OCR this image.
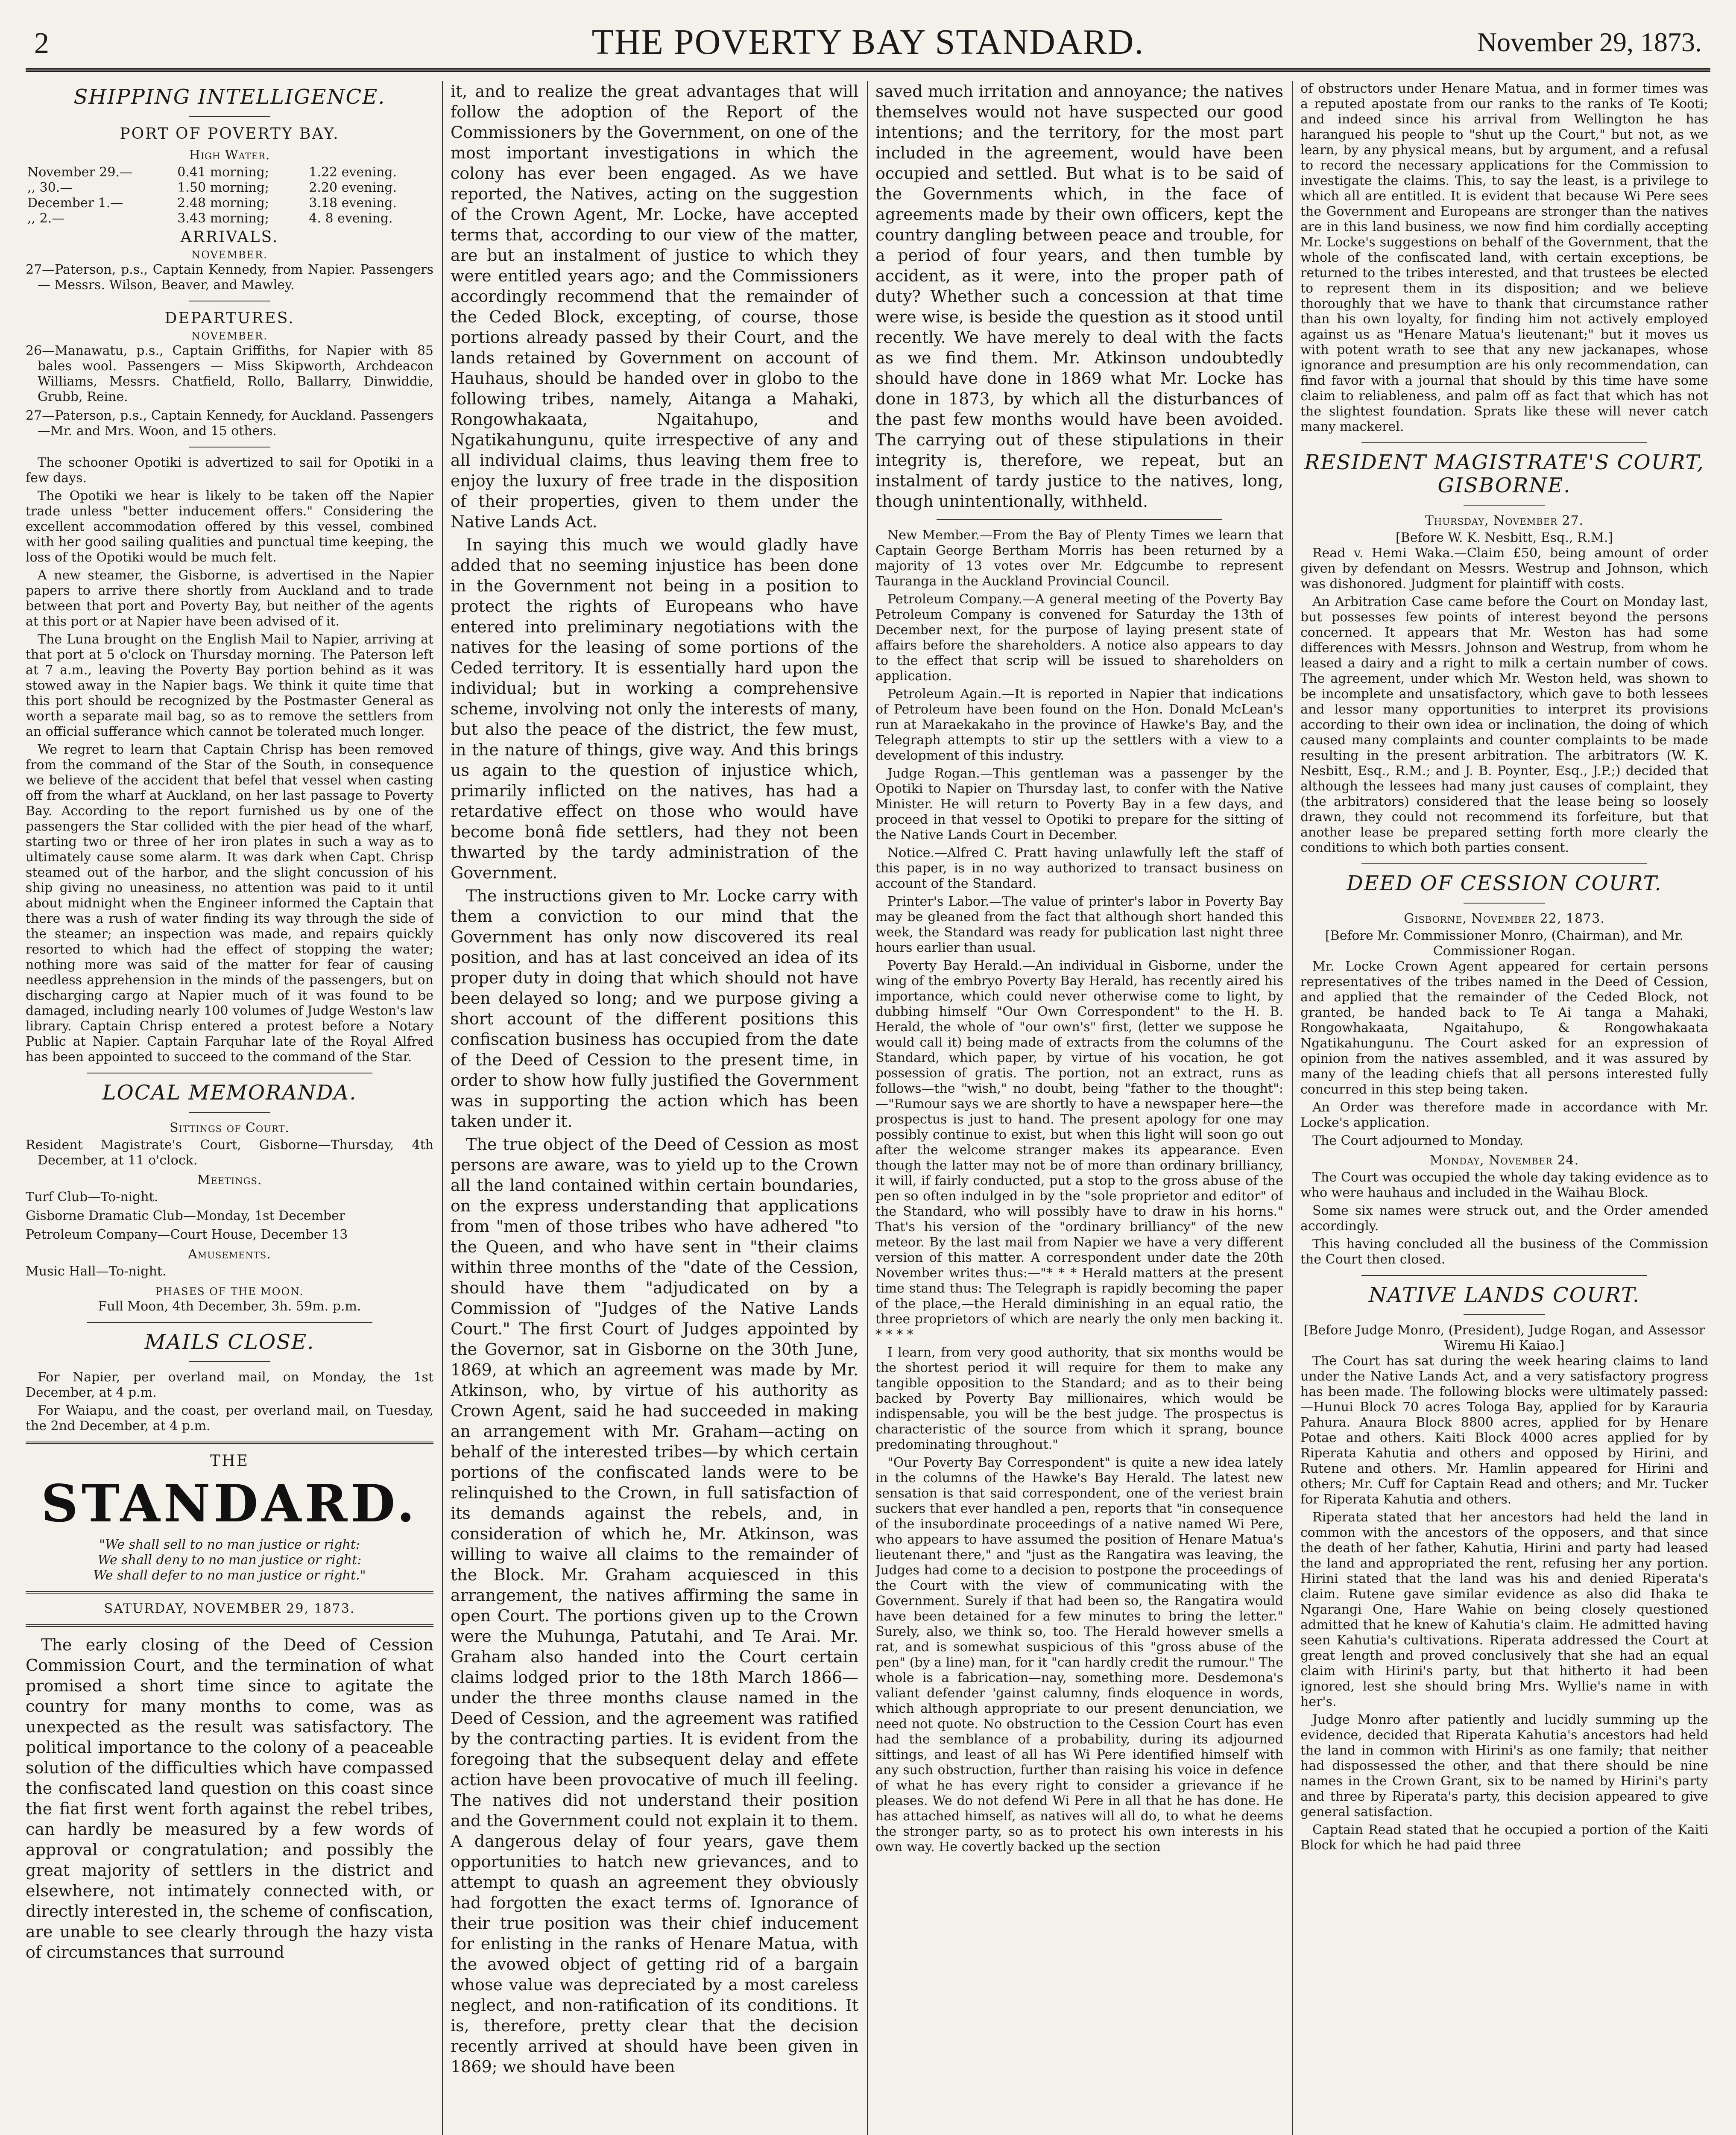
2	THE POVERTY BAY STANDARD.	November 29, 1873.
SHIPPING INTELLIGENCE.
PORT OF POVERTY BAY.
High Water.
November 29.—	0.41 morning;	1.22 evening.
,, 30.—	1.50 morning;	2.20 evening.
December 1.—	2.48 morning;	3.18 evening.
,, 2.—	3.43 morning;	4. 8 evening.
ARRIVALS.
NOVEMBER.
27—Paterson, p.s., Captain Kennedy, from Napier. Passengers — Messrs. Wilson, Beaver, and Mawley.
DEPARTURES.
NOVEMBER.
26—Manawatu, p.s., Captain Griffiths, for Napier with 85 bales wool. Passengers — Miss Skipworth, Archdeacon Williams, Messrs. Chatfield, Rollo, Ballarry, Dinwiddie, Grubb, Reine.
27—Paterson, p.s., Captain Kennedy, for Auckland. Passengers—Mr. and Mrs. Woon, and 15 others.

The schooner Opotiki is advertized to sail for Opotiki in a few days.

The Opotiki we hear is likely to be taken off the Napier trade unless "better inducement offers." Considering the excellent accommodation offered by this vessel, combined with her good sailing qualities and punctual time keeping, the loss of the Opotiki would be much felt.

A new steamer, the Gisborne, is advertised in the Napier papers to arrive there shortly from Auckland and to trade between that port and Poverty Bay, but neither of the agents at this port or at Napier have been advised of it.

The Luna brought on the English Mail to Napier, arriving at that port at 5 o'clock on Thursday morning. The Paterson left at 7 a.m., leaving the Poverty Bay portion behind as it was stowed away in the Napier bags. We think it quite time that this port should be recognized by the Postmaster General as worth a separate mail bag, so as to remove the settlers from an official sufferance which cannot be tolerated much longer.

We regret to learn that Captain Chrisp has been removed from the command of the Star of the South, in consequence we believe of the accident that befel that vessel when casting off from the wharf at Auckland, on her last passage to Poverty Bay. According to the report furnished us by one of the passengers the Star collided with the pier head of the wharf, starting two or three of her iron plates in such a way as to ultimately cause some alarm. It was dark when Capt. Chrisp steamed out of the harbor, and the slight concussion of his ship giving no uneasiness, no attention was paid to it until about midnight when the Engineer informed the Captain that there was a rush of water finding its way through the side of the steamer; an inspection was made, and repairs quickly resorted to which had the effect of stopping the water; nothing more was said of the matter for fear of causing needless apprehension in the minds of the passengers, but on discharging cargo at Napier much of it was found to be damaged, including nearly 100 volumes of Judge Weston's law library. Captain Chrisp entered a protest before a Notary Public at Napier. Captain Farquhar late of the Royal Alfred has been appointed to succeed to the command of the Star.

LOCAL MEMORANDA.
Sittings of Court.
Resident Magistrate's Court, Gisborne—Thursday, 4th December, at 11 o'clock.
Meetings.
Turf Club—To-night.
Gisborne Dramatic Club—Monday, 1st December
Petroleum Company—Court House, December 13
Amusements.
Music Hall—To-night.
PHASES OF THE MOON.
Full Moon, 4th December, 3h. 59m. p.m.
MAILS CLOSE.

For Napier, per overland mail, on Monday, the 1st December, at 4 p.m.

For Waiapu, and the coast, per overland mail, on Tuesday, the 2nd December, at 4 p.m.

THE
STANDARD.
"We shall sell to no man justice or right:
We shall deny to no man justice or right:
We shall defer to no man justice or right."
SATURDAY, NOVEMBER 29, 1873.

The early closing of the Deed of Cession Commission Court, and the termination of what promised a short time since to agitate the country for many months to come, was as unexpected as the result was satisfactory. The political importance to the colony of a peaceable solution of the difficulties which have compassed the confiscated land question on this coast since the fiat first went forth against the rebel tribes, can hardly be measured by a few words of approval or congratulation; and possibly the great majority of settlers in the district and elsewhere, not intimately connected with, or directly interested in, the scheme of confiscation, are unable to see clearly through the hazy vista of circumstances that surround

it, and to realize the great advantages that will follow the adoption of the Report of the Commissioners by the Government, on one of the most important investigations in which the colony has ever been engaged. As we have reported, the Natives, acting on the suggestion of the Crown Agent, Mr. Locke, have accepted terms that, according to our view of the matter, are but an instalment of justice to which they were entitled years ago; and the Commissioners accordingly recommend that the remainder of the Ceded Block, excepting, of course, those portions already passed by their Court, and the lands retained by Government on account of Hauhaus, should be handed over in globo to the following tribes, namely, Aitanga a Mahaki, Rongowhakaata, Ngaitahupo, and Ngatikahungunu, quite irrespective of any and all individual claims, thus leaving them free to enjoy the luxury of free trade in the disposition of their properties, given to them under the Native Lands Act.

In saying this much we would gladly have added that no seeming injustice has been done in the Government not being in a position to protect the rights of Europeans who have entered into preliminary negotiations with the natives for the leasing of some portions of the Ceded territory. It is essentially hard upon the individual; but in working a comprehensive scheme, involving not only the interests of many, but also the peace of the district, the few must, in the nature of things, give way. And this brings us again to the question of injustice which, primarily inflicted on the natives, has had a retardative effect on those who would have become bonâ fide settlers, had they not been thwarted by the tardy administration of the Government.

The instructions given to Mr. Locke carry with them a conviction to our mind that the Government has only now discovered its real position, and has at last conceived an idea of its proper duty in doing that which should not have been delayed so long; and we purpose giving a short account of the different positions this confiscation business has occupied from the date of the Deed of Cession to the present time, in order to show how fully justified the Government was in supporting the action which has been taken under it.

The true object of the Deed of Cession as most persons are aware, was to yield up to the Crown all the land contained within certain boundaries, on the express understanding that applications from "men of those tribes who have adhered "to the Queen, and who have sent in "their claims within three months of the "date of the Cession, should have them "adjudicated on by a Commission of "Judges of the Native Lands Court." The first Court of Judges appointed by the Governor, sat in Gisborne on the 30th June, 1869, at which an agreement was made by Mr. Atkinson, who, by virtue of his authority as Crown Agent, said he had succeeded in making an arrangement with Mr. Graham—acting on behalf of the interested tribes—by which certain portions of the confiscated lands were to be relinquished to the Crown, in full satisfaction of its demands against the rebels, and, in consideration of which he, Mr. Atkinson, was willing to waive all claims to the remainder of the Block. Mr. Graham acquiesced in this arrangement, the natives affirming the same in open Court. The portions given up to the Crown were the Muhunga, Patutahi, and Te Arai. Mr. Graham also handed into the Court certain claims lodged prior to the 18th March 1866—under the three months clause named in the Deed of Cession, and the agreement was ratified by the contracting parties. It is evident from the foregoing that the subsequent delay and effete action have been provocative of much ill feeling. The natives did not understand their position and the Government could not explain it to them. A dangerous delay of four years, gave them opportunities to hatch new grievances, and to attempt to quash an agreement they obviously had forgotten the exact terms of. Ignorance of their true position was their chief inducement for enlisting in the ranks of Henare Matua, with the avowed object of getting rid of a bargain whose value was depreciated by a most careless neglect, and non-ratification of its conditions. It is, therefore, pretty clear that the decision recently arrived at should have been given in 1869; we should have been

saved much irritation and annoyance; the natives themselves would not have suspected our good intentions; and the territory, for the most part included in the agreement, would have been occupied and settled. But what is to be said of the Governments which, in the face of agreements made by their own officers, kept the country dangling between peace and trouble, for a period of four years, and then tumble by accident, as it were, into the proper path of duty? Whether such a concession at that time were wise, is beside the question as it stood until recently. We have merely to deal with the facts as we find them. Mr. Atkinson undoubtedly should have done in 1869 what Mr. Locke has done in 1873, by which all the disturbances of the past few months would have been avoided. The carrying out of these stipulations in their integrity is, therefore, we repeat, but an instalment of tardy justice to the natives, long, though unintentionally, withheld.

New Member.—From the Bay of Plenty Times we learn that Captain George Bertham Morris has been returned by a majority of 13 votes over Mr. Edgcumbe to represent Tauranga in the Auckland Provincial Council.

Petroleum Company.—A general meeting of the Poverty Bay Petroleum Company is convened for Saturday the 13th of December next, for the purpose of laying present state of affairs before the shareholders. A notice also appears to day to the effect that scrip will be issued to shareholders on application.

Petroleum Again.—It is reported in Napier that indications of Petroleum have been found on the Hon. Donald McLean's run at Maraekakaho in the province of Hawke's Bay, and the Telegraph attempts to stir up the settlers with a view to a development of this industry.

Judge Rogan.—This gentleman was a passenger by the Opotiki to Napier on Thursday last, to confer with the Native Minister. He will return to Poverty Bay in a few days, and proceed in that vessel to Opotiki to prepare for the sitting of the Native Lands Court in December.

Notice.—Alfred C. Pratt having unlawfully left the staff of this paper, is in no way authorized to transact business on account of the Standard.

Printer's Labor.—The value of printer's labor in Poverty Bay may be gleaned from the fact that although short handed this week, the Standard was ready for publication last night three hours earlier than usual.

Poverty Bay Herald.—An individual in Gisborne, under the wing of the embryo Poverty Bay Herald, has recently aired his importance, which could never otherwise come to light, by dubbing himself "Our Own Correspondent" to the H. B. Herald, the whole of "our own's" first, (letter we suppose he would call it) being made of extracts from the columns of the Standard, which paper, by virtue of his vocation, he got possession of gratis. The portion, not an extract, runs as follows—the "wish," no doubt, being "father to the thought":—"Rumour says we are shortly to have a newspaper here—the prospectus is just to hand. The present apology for one may possibly continue to exist, but when this light will soon go out after the welcome stranger makes its appearance. Even though the latter may not be of more than ordinary brilliancy, it will, if fairly conducted, put a stop to the gross abuse of the pen so often indulged in by the "sole proprietor and editor" of the Standard, who will possibly have to draw in his horns." That's his version of the "ordinary brilliancy" of the new meteor. By the last mail from Napier we have a very different version of this matter. A correspondent under date the 20th November writes thus:—"* * * Herald matters at the present time stand thus: The Telegraph is rapidly becoming the paper of the place,—the Herald diminishing in an equal ratio, the three proprietors of which are nearly the only men backing it. * * * *

I learn, from very good authority, that six months would be the shortest period it will require for them to make any tangible opposition to the Standard; and as to their being backed by Poverty Bay millionaires, which would be indispensable, you will be the best judge. The prospectus is characteristic of the source from which it sprang, bounce predominating throughout."

"Our Poverty Bay Correspondent" is quite a new idea lately in the columns of the Hawke's Bay Herald. The latest new sensation is that said correspondent, one of the veriest brain suckers that ever handled a pen, reports that "in consequence of the insubordinate proceedings of a native named Wi Pere, who appears to have assumed the position of Henare Matua's lieutenant there," and "just as the Rangatira was leaving, the Judges had come to a decision to postpone the proceedings of the Court with the view of communicating with the Government. Surely if that had been so, the Rangatira would have been detained for a few minutes to bring the letter." Surely, also, we think so, too. The Herald however smells a rat, and is somewhat suspicious of this "gross abuse of the pen" (by a line) man, for it "can hardly credit the rumour." The whole is a fabrication—nay, something more. Desdemona's valiant defender 'gainst calumny, finds eloquence in words, which although appropriate to our present denunciation, we need not quote. No obstruction to the Cession Court has even had the semblance of a probability, during its adjourned sittings, and least of all has Wi Pere identified himself with any such obstruction, further than raising his voice in defence of what he has every right to consider a grievance if he pleases. We do not defend Wi Pere in all that he has done. He has attached himself, as natives will all do, to what he deems the stronger party, so as to protect his own interests in his own way. He covertly backed up the section

of obstructors under Henare Matua, and in former times was a reputed apostate from our ranks to the ranks of Te Kooti; and indeed since his arrival from Wellington he has harangued his people to "shut up the Court," but not, as we learn, by any physical means, but by argument, and a refusal to record the necessary applications for the Commission to investigate the claims. This, to say the least, is a privilege to which all are entitled. It is evident that because Wi Pere sees the Government and Europeans are stronger than the natives are in this land business, we now find him cordially accepting Mr. Locke's suggestions on behalf of the Government, that the whole of the confiscated land, with certain exceptions, be returned to the tribes interested, and that trustees be elected to represent them in its disposition; and we believe thoroughly that we have to thank that circumstance rather than his own loyalty, for finding him not actively employed against us as "Henare Matua's lieutenant;" but it moves us with potent wrath to see that any new jackanapes, whose ignorance and presumption are his only recommendation, can find favor with a journal that should by this time have some claim to reliableness, and palm off as fact that which has not the slightest foundation. Sprats like these will never catch many mackerel.

RESIDENT MAGISTRATE'S COURT, GISBORNE.
Thursday, November 27.
[Before W. K. Nesbitt, Esq., R.M.]

Read v. Hemi Waka.—Claim £50, being amount of order given by defendant on Messrs. Westrup and Johnson, which was dishonored. Judgment for plaintiff with costs.

An Arbitration Case came before the Court on Monday last, but possesses few points of interest beyond the persons concerned. It appears that Mr. Weston has had some differences with Messrs. Johnson and Westrup, from whom he leased a dairy and a right to milk a certain number of cows. The agreement, under which Mr. Weston held, was shown to be incomplete and unsatisfactory, which gave to both lessees and lessor many opportunities to interpret its provisions according to their own idea or inclination, the doing of which caused many complaints and counter complaints to be made resulting in the present arbitration. The arbitrators (W. K. Nesbitt, Esq., R.M.; and J. B. Poynter, Esq., J.P.;) decided that although the lessees had many just causes of complaint, they (the arbitrators) considered that the lease being so loosely drawn, they could not recommend its forfeiture, but that another lease be prepared setting forth more clearly the conditions to which both parties consent.

DEED OF CESSION COURT.
Gisborne, November 22, 1873.
[Before Mr. Commissioner Monro, (Chairman), and Mr. Commissioner Rogan.

Mr. Locke Crown Agent appeared for certain persons representatives of the tribes named in the Deed of Cession, and applied that the remainder of the Ceded Block, not granted, be handed back to Te Ai tanga a Mahaki, Rongowhakaata, Ngaitahupo, & Rongowhakaata Ngatikahungunu. The Court asked for an expression of opinion from the natives assembled, and it was assured by many of the leading chiefs that all persons interested fully concurred in this step being taken.

An Order was therefore made in accordance with Mr. Locke's application.

The Court adjourned to Monday.

Monday, November 24.

The Court was occupied the whole day taking evidence as to who were hauhaus and included in the Waihau Block.

Some six names were struck out, and the Order amended accordingly.

This having concluded all the business of the Commission the Court then closed.

NATIVE LANDS COURT.
[Before Judge Monro, (President), Judge Rogan, and Assessor Wiremu Hi Kaiao.]

The Court has sat during the week hearing claims to land under the Native Lands Act, and a very satisfactory progress has been made. The following blocks were ultimately passed:—Hunui Block 70 acres Tologa Bay, applied for by Karauria Pahura. Anaura Block 8800 acres, applied for by Henare Potae and others. Kaiti Block 4000 acres applied for by Riperata Kahutia and others and opposed by Hirini, and Rutene and others. Mr. Hamlin appeared for Hirini and others; Mr. Cuff for Captain Read and others; and Mr. Tucker for Riperata Kahutia and others.

Riperata stated that her ancestors had held the land in common with the ancestors of the opposers, and that since the death of her father, Kahutia, Hirini and party had leased the land and appropriated the rent, refusing her any portion. Hirini stated that the land was his and denied Riperata's claim. Rutene gave similar evidence as also did Ihaka te Ngarangi One, Hare Wahie on being closely questioned admitted that he knew of Kahutia's claim. He admitted having seen Kahutia's cultivations. Riperata addressed the Court at great length and proved conclusively that she had an equal claim with Hirini's party, but that hitherto it had been ignored, lest she should bring Mrs. Wyllie's name in with her's.

Judge Monro after patiently and lucidly summing up the evidence, decided that Riperata Kahutia's ancestors had held the land in common with Hirini's as one family; that neither had dispossessed the other, and that there should be nine names in the Crown Grant, six to be named by Hirini's party and three by Riperata's party, this decision appeared to give general satisfaction.

Captain Read stated that he occupied a portion of the Kaiti Block for which he had paid three
